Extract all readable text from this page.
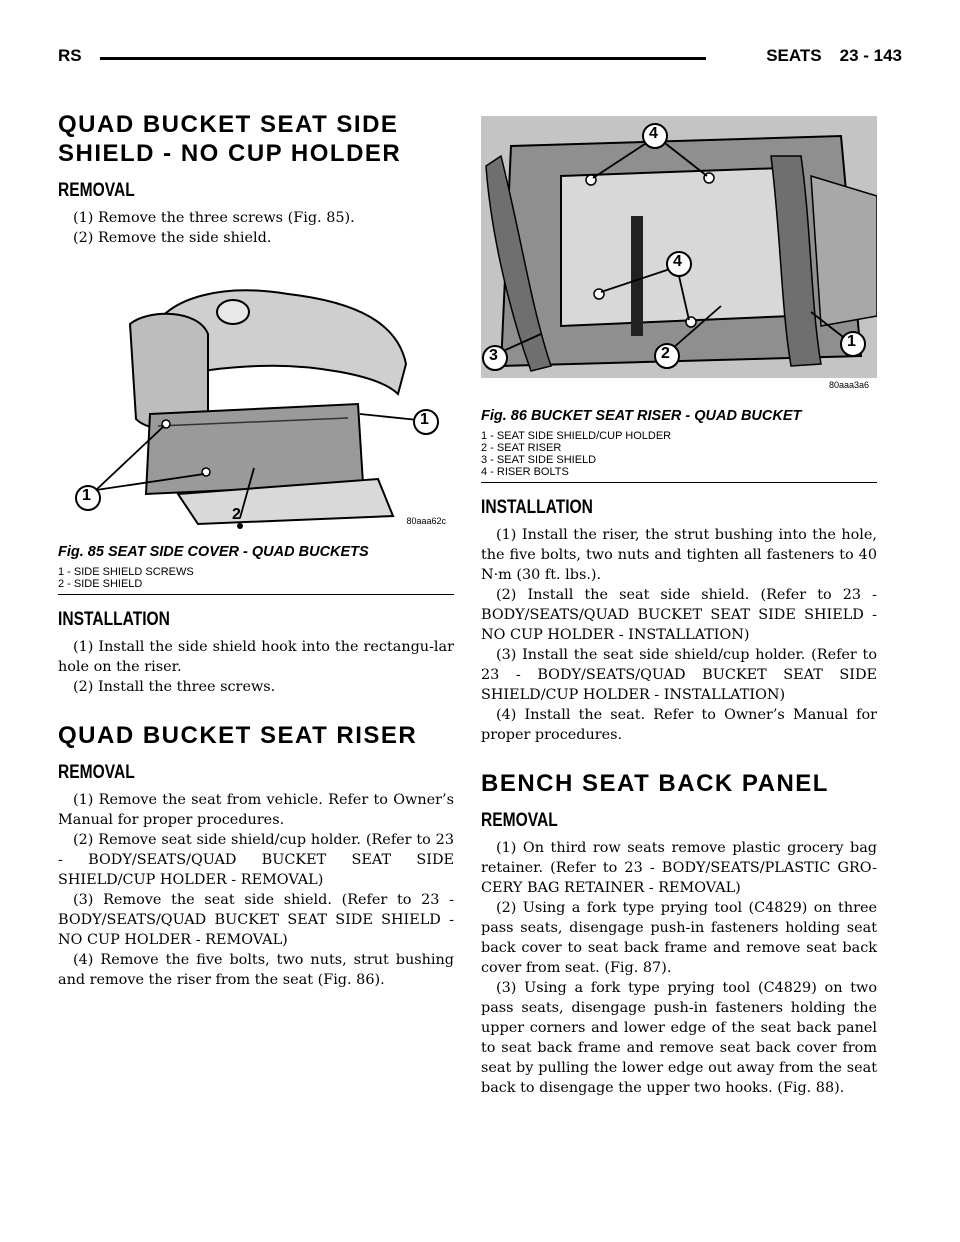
RS	SEATS 23 - 143
QUAD BUCKET SEAT SIDE SHIELD - NO CUP HOLDER
REMOVAL

(1) Remove the three screws (Fig. 85).

(2) Remove the side shield.

1
1
2	80aaa62c
Fig. 85 SEAT SIDE COVER - QUAD BUCKETS
1 - SIDE SHIELD SCREWS
2 - SIDE SHIELD
INSTALLATION

(1) Install the side shield hook into the rectangu-lar hole on the riser.

(2) Install the three screws.

QUAD BUCKET SEAT RISER
REMOVAL

(1) Remove the seat from vehicle. Refer to Owner’s Manual for proper procedures.

(2) Remove seat side shield/cup holder. (Refer to 23 - BODY/SEATS/QUAD BUCKET SEAT SIDE SHIELD/CUP HOLDER - REMOVAL)

(3) Remove the seat side shield. (Refer to 23 - BODY/SEATS/QUAD BUCKET SEAT SIDE SHIELD - NO CUP HOLDER - REMOVAL)

(4) Remove the five bolts, two nuts, strut bushing and remove the riser from the seat (Fig. 86).

4
4
3	2
1
80aaa3a6
Fig. 86 BUCKET SEAT RISER - QUAD BUCKET
1 - SEAT SIDE SHIELD/CUP HOLDER
2 - SEAT RISER
3 - SEAT SIDE SHIELD
4 - RISER BOLTS
INSTALLATION

(1) Install the riser, the strut bushing into the hole, the five bolts, two nuts and tighten all fasteners to 40 N·m (30 ft. lbs.).

(2) Install the seat side shield. (Refer to 23 - BODY/SEATS/QUAD BUCKET SEAT SIDE SHIELD - NO CUP HOLDER - INSTALLATION)

(3) Install the seat side shield/cup holder. (Refer to 23 - BODY/SEATS/QUAD BUCKET SEAT SIDE SHIELD/CUP HOLDER - INSTALLATION)

(4) Install the seat. Refer to Owner’s Manual for proper procedures.

BENCH SEAT BACK PANEL
REMOVAL

(1) On third row seats remove plastic grocery bag retainer. (Refer to 23 - BODY/SEATS/PLASTIC GRO-CERY BAG RETAINER - REMOVAL)

(2) Using a fork type prying tool (C4829) on three pass seats, disengage push-in fasteners holding seat back cover to seat back frame and remove seat back cover from seat. (Fig. 87).

(3) Using a fork type prying tool (C4829) on two pass seats, disengage push-in fasteners holding the upper corners and lower edge of the seat back panel to seat back frame and remove seat back cover from seat by pulling the lower edge out away from the seat back to disengage the upper two hooks. (Fig. 88).
